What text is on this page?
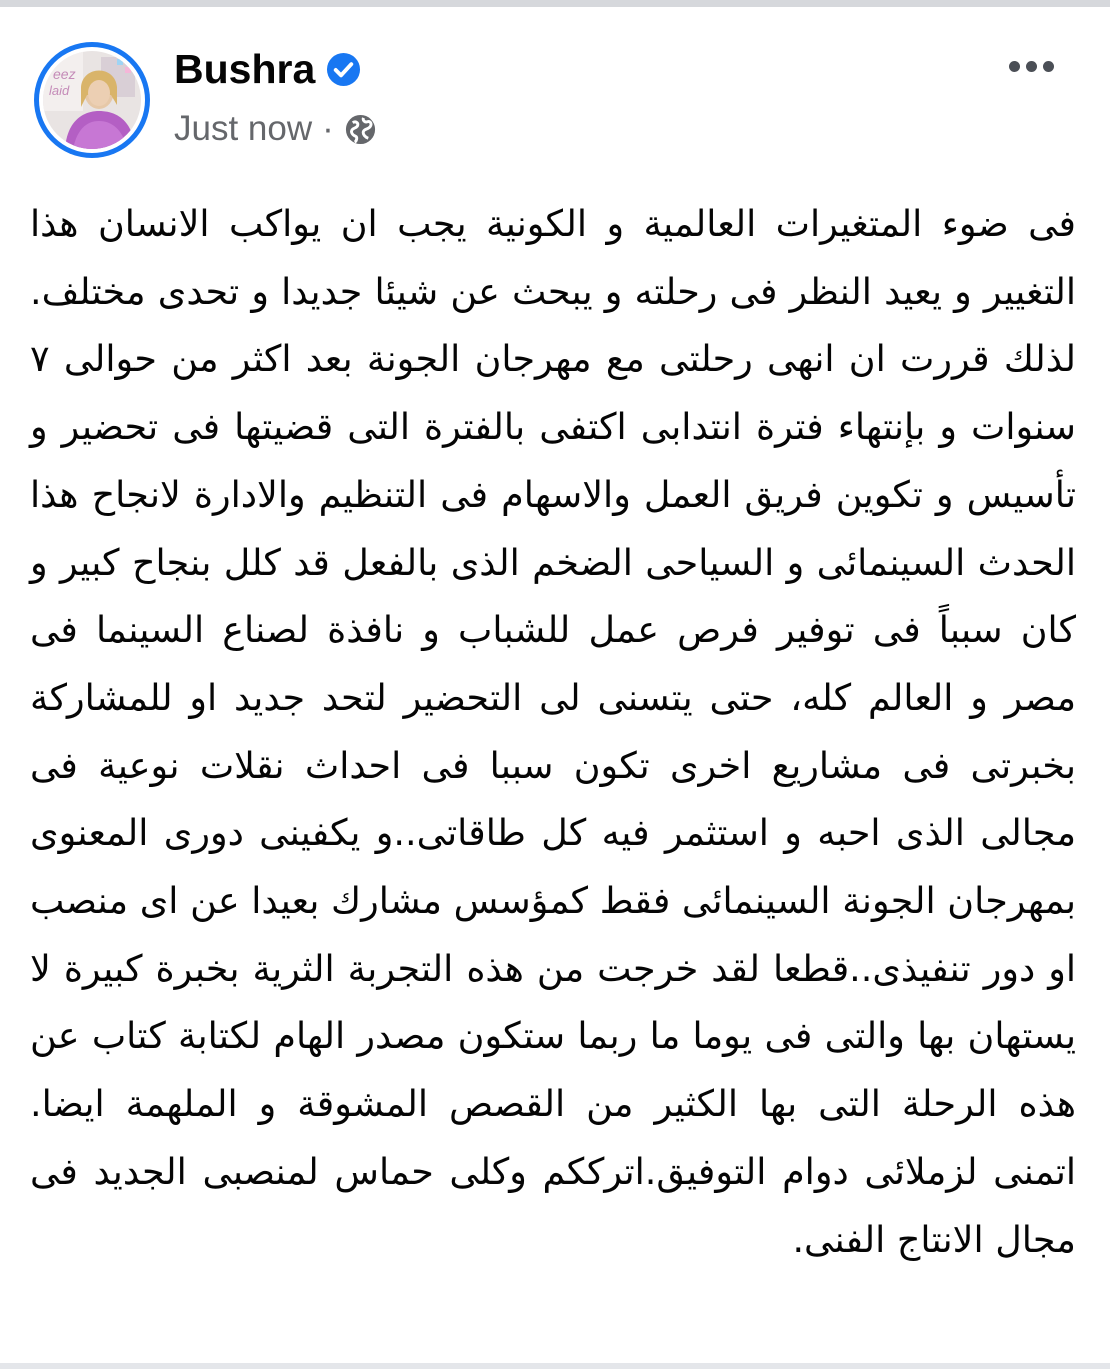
eez
laid	Bushra
Just now ·
فى ضوء المتغيرات العالمية و الكونية يجب ان يواكب الانسان هذا التغيير و يعيد النظر فى رحلته و يبحث عن شيئا جديدا و تحدى مختلف. لذلك قررت ان انهى رحلتى مع مهرجان الجونة بعد اكثر من حوالى ٧ سنوات و بإنتهاء فترة انتدابى اكتفى بالفترة التى قضيتها فى تحضير و تأسيس و تكوين فريق العمل والاسهام فى التنظيم والادارة لانجاح هذا الحدث السينمائى و السياحى الضخم الذى بالفعل قد كلل بنجاح كبير و كان سبباً فى توفير فرص عمل للشباب و نافذة لصناع السينما فى مصر و العالم كله، حتى يتسنى لى التحضير لتحد جديد او للمشاركة بخبرتى فى مشاريع اخرى تكون سببا فى احداث نقلات نوعية فى مجالى الذى احبه و استثمر فيه كل طاقاتى..و يكفينى دورى المعنوى بمهرجان الجونة السينمائى فقط كمؤسس مشارك بعيدا عن اى منصب او دور تنفيذى..قطعا لقد خرجت من هذه التجربة الثرية بخبرة كبيرة لا يستهان بها والتى فى يوما ما ربما ستكون مصدر الهام لكتابة كتاب عن هذه الرحلة التى بها الكثير من القصص المشوقة و الملهمة ايضا. اتمنى لزملائى دوام التوفيق.اترككم وكلى حماس لمنصبى الجديد فى مجال الانتاج الفنى.
